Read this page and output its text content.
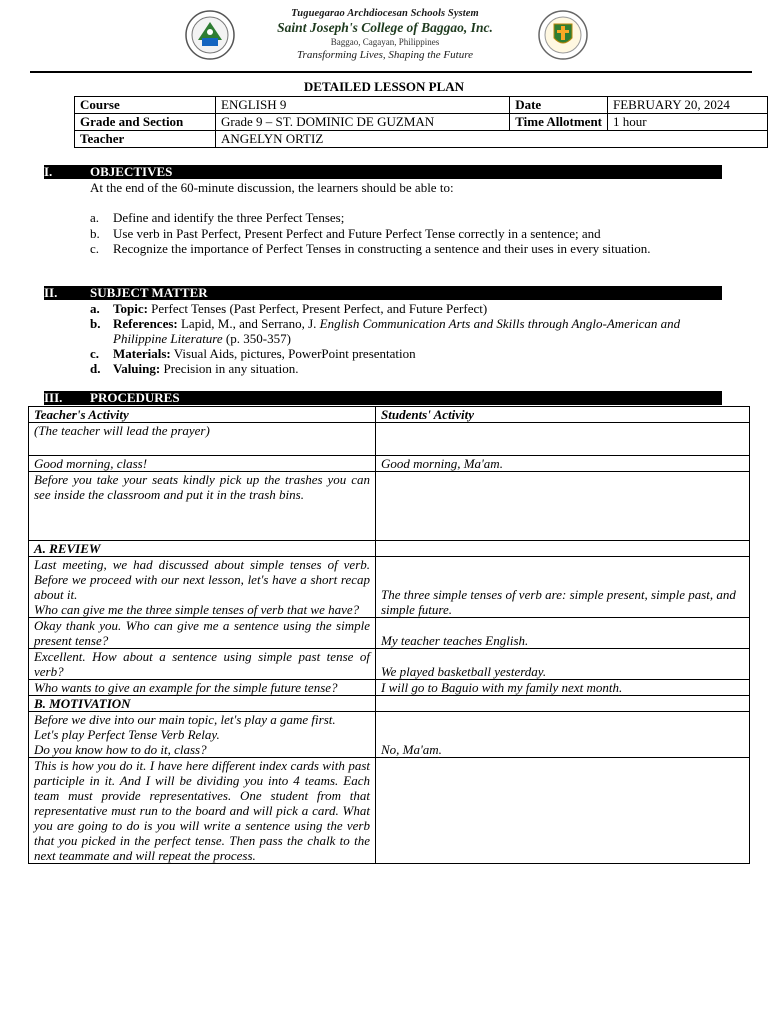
Tuguegarao Archdiocesan Schools System
Saint Joseph's College of Baggao, Inc.
Baggao, Cagayan, Philippines
Transforming Lives, Shaping the Future
DETAILED LESSON PLAN
Course	ENGLISH 9	Date	FEBRUARY 20, 2024
Grade and Section	Grade 9 – ST. DOMINIC DE GUZMAN	Time Allotment	1 hour
Teacher	ANGELYN ORTIZ		
I.	OBJECTIVES
At the end of the 60-minute discussion, the learners should be able to:
a. Define and identify the three Perfect Tenses;
b. Use verb in Past Perfect, Present Perfect and Future Perfect Tense correctly in a sentence; and
c. Recognize the importance of Perfect Tenses in constructing a sentence and their uses in every situation.
II.	SUBJECT MATTER
a. Topic: Perfect Tenses (Past Perfect, Present Perfect, and Future Perfect)
b. References: Lapid, M., and Serrano, J. English Communication Arts and Skills through Anglo-American and Philippine Literature (p. 350-357)
c. Materials: Visual Aids, pictures, PowerPoint presentation
d. Valuing: Precision in any situation.
III. PROCEDURES
Teacher's Activity	Students' Activity
(The teacher will lead the prayer)	
Good morning, class!	Good morning, Ma'am.
Before you take your seats kindly pick up the trashes you can see inside the classroom and put it in the trash bins.	
A. REVIEW	

Last meeting, we had discussed about simple tenses of verb. Before we proceed with our next lesson, let's have a short recap about it.
Who can give me the three simple tenses of verb that we have?	The three simple tenses of verb are: simple present, simple past, and simple future.
Okay thank you. Who can give me a sentence using the simple present tense?	My teacher teaches English.
Excellent. How about a sentence using simple past tense of verb?	We played basketball yesterday.
Who wants to give an example for the simple future tense?	I will go to Baguio with my family next month.
B. MOTIVATION	

Before we dive into our main topic, let's play a game first.
Let's play Perfect Tense Verb Relay.
Do you know how to do it, class?	No, Ma'am.
This is how you do it. I have here different index cards with past participle in it. And I will be dividing you into 4 teams. Each team must provide representatives. One student from that representative must run to the board and will pick a card. What you are going to do is you will write a sentence using the verb that you picked in the perfect tense. Then pass the chalk to the next teammate and will repeat the process.	
